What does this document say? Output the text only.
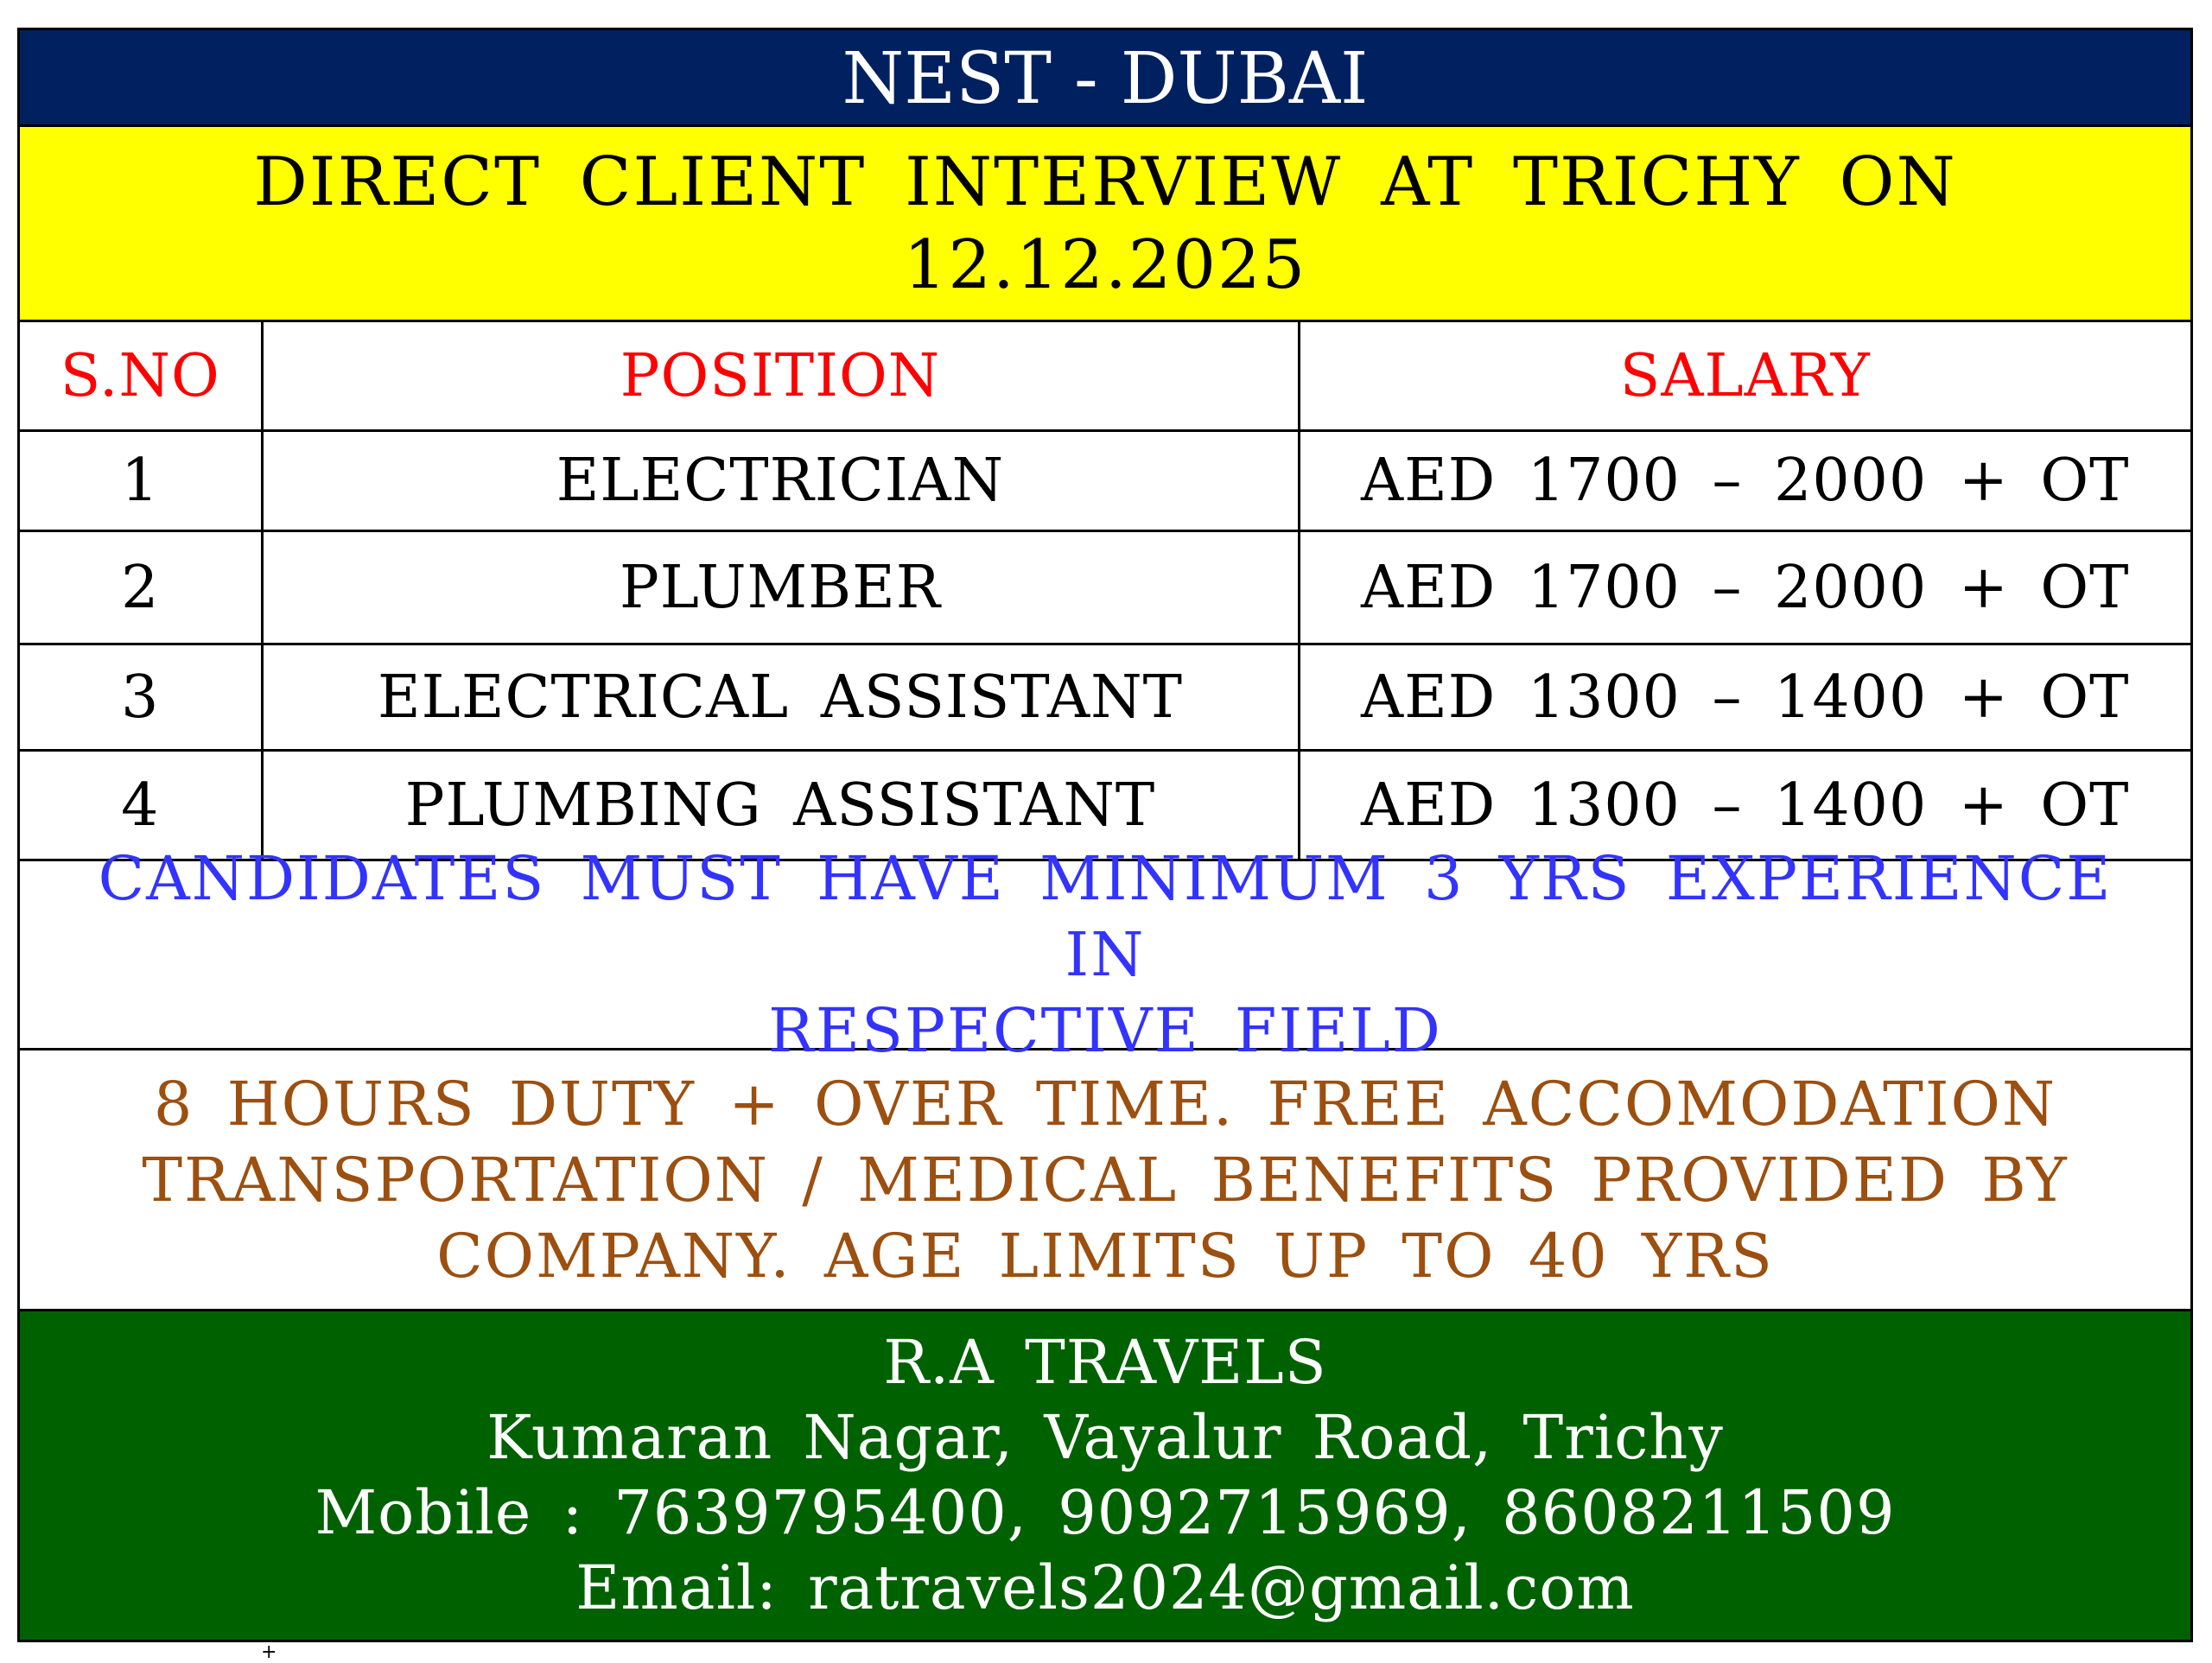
NEST - DUBAI
DIRECT CLIENT INTERVIEW AT TRICHY ON
12.12.2025
S.NO	POSITION	SALARY
1	ELECTRICIAN	AED 1700 – 2000 + OT
2	PLUMBER	AED 1700 – 2000 + OT
3	ELECTRICAL ASSISTANT	AED 1300 – 1400 + OT
4	PLUMBING ASSISTANT	AED 1300 – 1400 + OT
CANDIDATES MUST HAVE MINIMUM 3 YRS EXPERIENCE IN
RESPECTIVE FIELD
8 HOURS DUTY + OVER TIME. FREE ACCOMODATION
TRANSPORTATION / MEDICAL BENEFITS PROVIDED BY
COMPANY. AGE LIMITS UP TO 40 YRS
R.A TRAVELS
Kumaran Nagar, Vayalur Road, Trichy
Mobile : 7639795400, 9092715969, 8608211509
Email: ratravels2024@gmail.com
+
